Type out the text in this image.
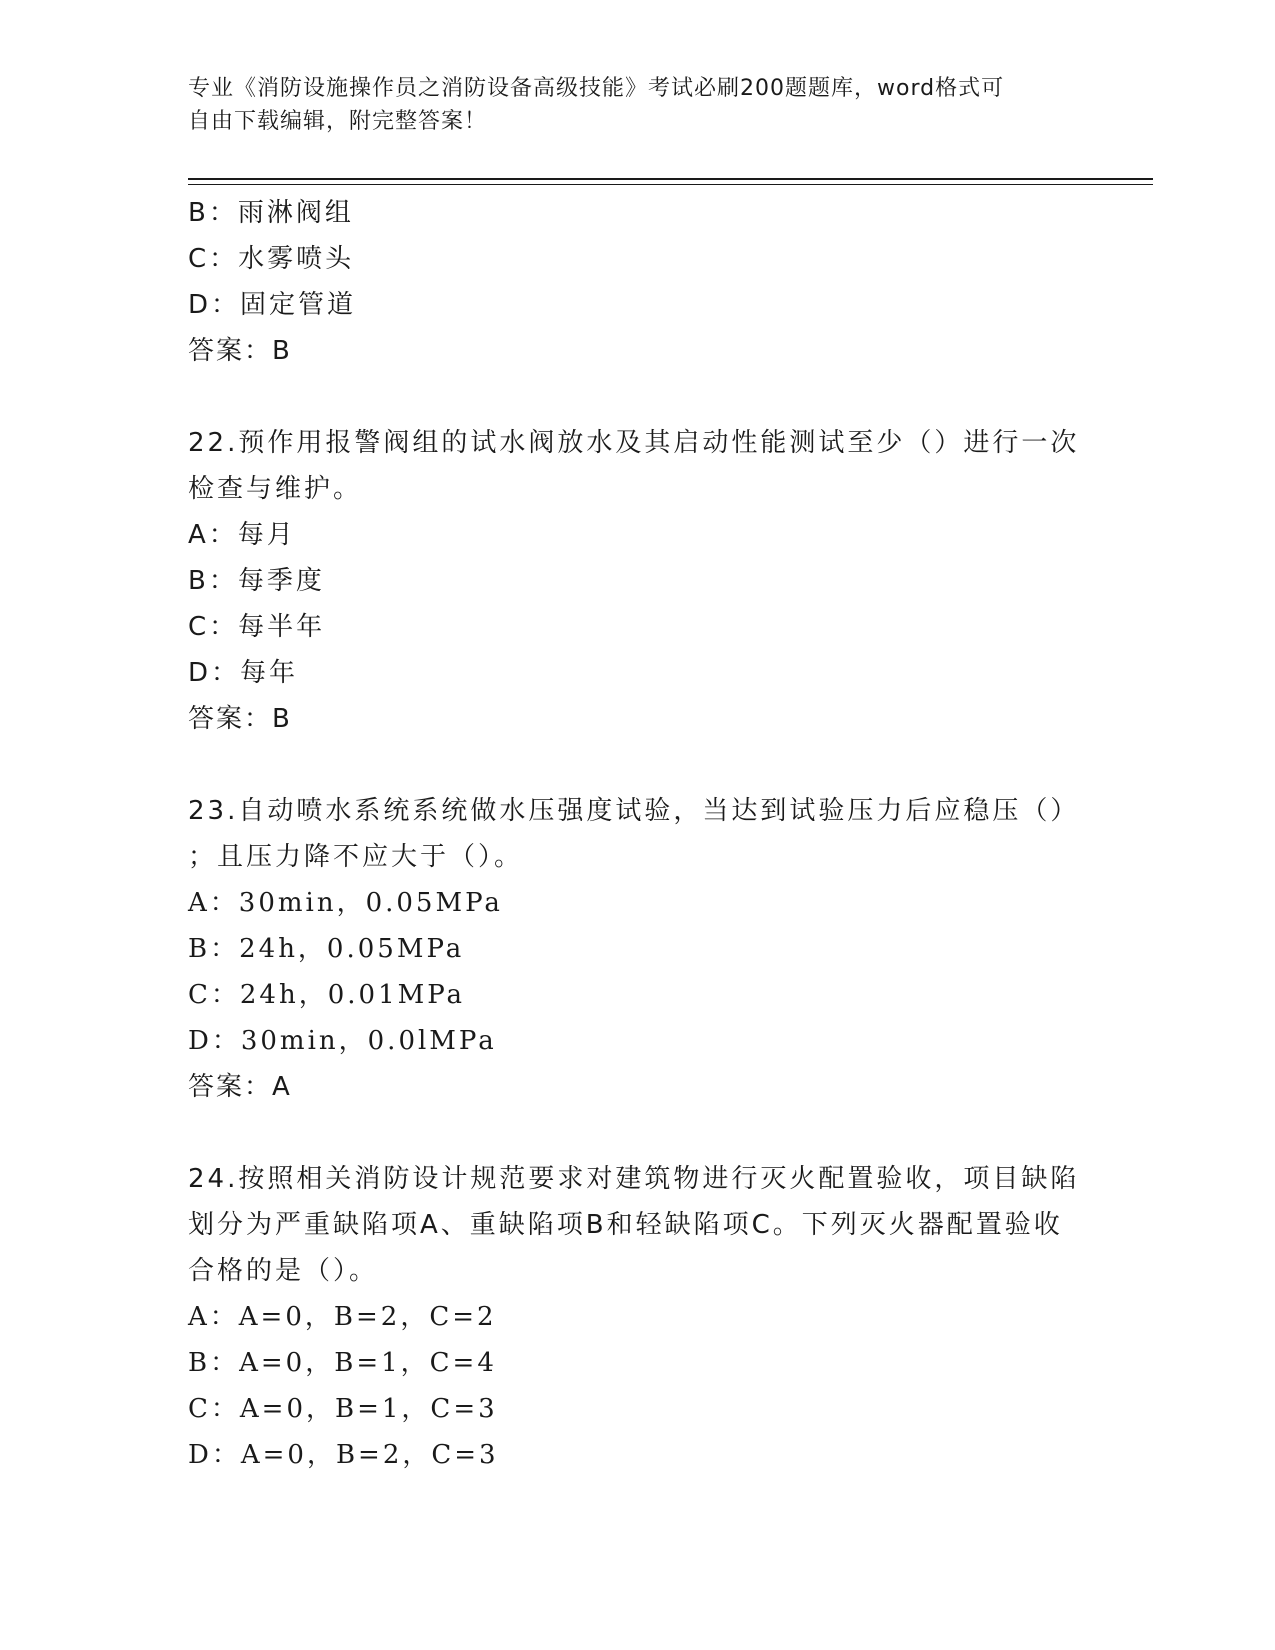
专业《消防设施操作员之消防设备高级技能》考试必刷200题题库，word格式可
自由下载编辑，附完整答案！
B：雨淋阀组
C：水雾喷头
D：固定管道
答案：B
22.预作用报警阀组的试水阀放水及其启动性能测试至少（）进行一次
检查与维护。
A：每月
B：每季度
C：每半年
D：每年
答案：B
23.自动喷水系统系统做水压强度试验，当达到试验压力后应稳压（）
；且压力降不应大于（）。
A：30min，0.05MPa
B：24h，0.05MPa
C：24h，0.01MPa
D：30min，0.0lMPa
答案：A
24.按照相关消防设计规范要求对建筑物进行灭火配置验收，项目缺陷
划分为严重缺陷项A、重缺陷项B和轻缺陷项C。下列灭火器配置验收
合格的是（）。
A：A=0，B=2，C=2
B：A=0，B=1，C=4
C：A=0，B=1，C=3
D：A=0，B=2，C=3
